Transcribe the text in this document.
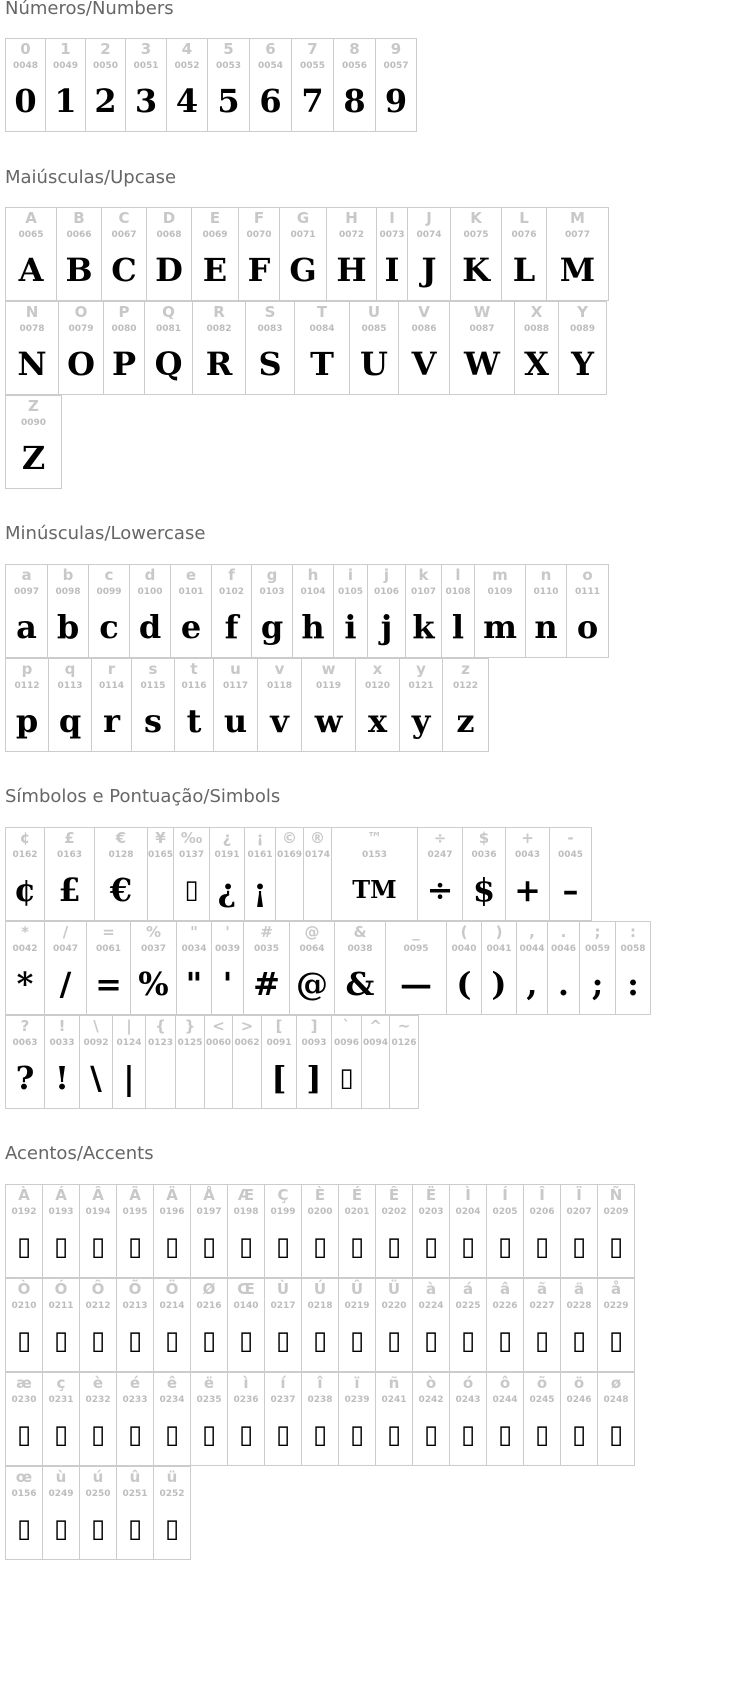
Números/Numbers
Maiúsculas/Upcase
Minúsculas/Lowercase
Símbolos e Pontuação/Simbols
Acentos/Accents
0
0048
0
1
0049
1
2
0050
2
3
0051
3
4
0052
4
5
0053
5
6
0054
6
7
0055
7
8
0056
8
9
0057
9
A
0065
A
B
0066
B
C
0067
C
D
0068
D
E
0069
E
F
0070
F
G
0071
G
H
0072
H
I
0073
I
J
0074
J
K
0075
K
L
0076
L
M
0077
M
N
0078
N
O
0079
O
P
0080
P
Q
0081
Q
R
0082
R
S
0083
S
T
0084
T
U
0085
U
V
0086
V
W
0087
W
X
0088
X
Y
0089
Y
Z
0090
Z
a
0097
a
b
0098
b
c
0099
c
d
0100
d
e
0101
e
f
0102
f
g
0103
g
h
0104
h
i
0105
i
j
0106
j
k
0107
k
l
0108
l
m
0109
m
n
0110
n
o
0111
o
p
0112
p
q
0113
q
r
0114
r
s
0115
s
t
0116
t
u
0117
u
v
0118
v
w
0119
w
x
0120
x
y
0121
y
z
0122
z
¢
0162
¢
£
0163
£
€
0128
€
¥
0165
‰
0137
▯
¿
0191
¿
¡
0161
¡
©
0169
®
0174
™
0153
TM
÷
0247
÷
$
0036
$
+
0043
+
-
0045
–
*
0042
*
/
0047
/
=
0061
=
%
0037
%
"
0034
"
'
0039
'
#
0035
#
@
0064
@
&
0038
&
_
0095
—
(
0040
(
)
0041
)
,
0044
,
.
0046
.
;
0059
;
:
0058
:
?
0063
?
!
0033
!
\
0092
\
|
0124
|
{
0123
}
0125
<
0060
>
0062
[
0091
[
]
0093
]
`
0096
▯
^
0094
~
0126
À
0192
▯
Á
0193
▯
Â
0194
▯
Ã
0195
▯
Ä
0196
▯
Å
0197
▯
Æ
0198
▯
Ç
0199
▯
È
0200
▯
É
0201
▯
Ê
0202
▯
Ë
0203
▯
Ì
0204
▯
Í
0205
▯
Î
0206
▯
Ï
0207
▯
Ñ
0209
▯
Ò
0210
▯
Ó
0211
▯
Ô
0212
▯
Õ
0213
▯
Ö
0214
▯
Ø
0216
▯
Œ
0140
▯
Ù
0217
▯
Ú
0218
▯
Û
0219
▯
Ü
0220
▯
à
0224
▯
á
0225
▯
â
0226
▯
ã
0227
▯
ä
0228
▯
å
0229
▯
æ
0230
▯
ç
0231
▯
è
0232
▯
é
0233
▯
ê
0234
▯
ë
0235
▯
ì
0236
▯
í
0237
▯
î
0238
▯
ï
0239
▯
ñ
0241
▯
ò
0242
▯
ó
0243
▯
ô
0244
▯
õ
0245
▯
ö
0246
▯
ø
0248
▯
œ
0156
▯
ù
0249
▯
ú
0250
▯
û
0251
▯
ü
0252
▯
